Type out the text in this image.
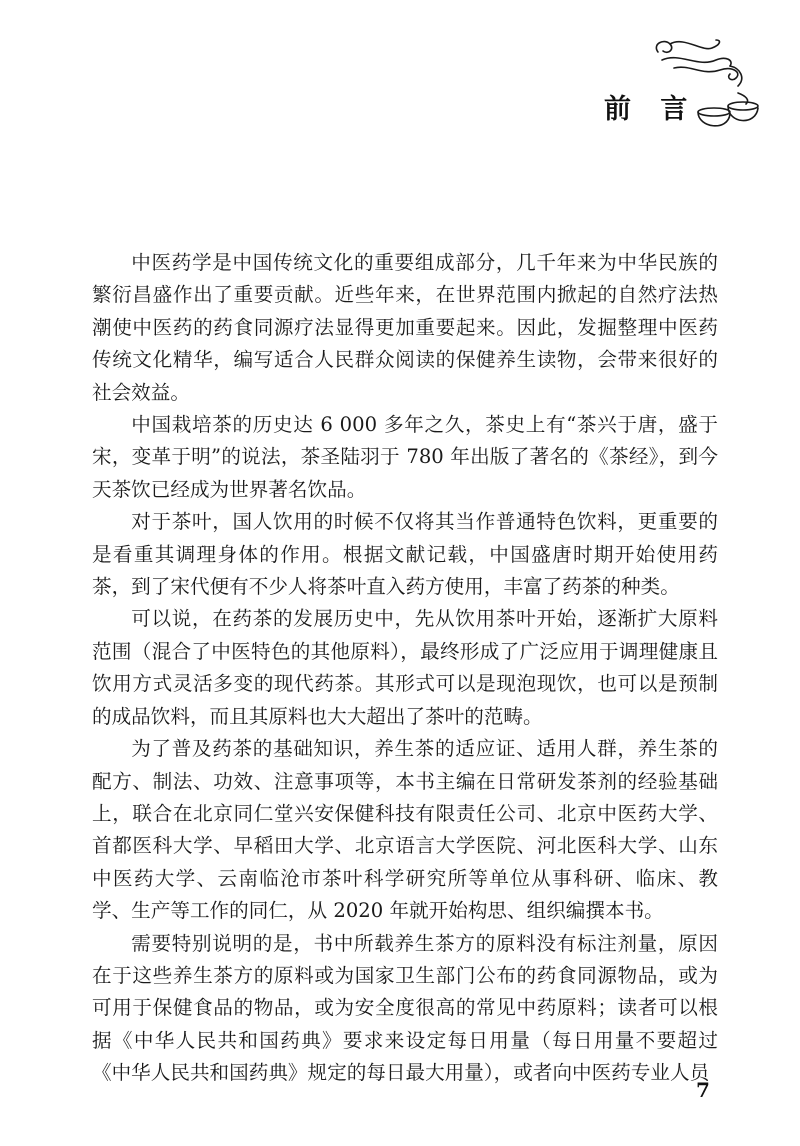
前 言

中医药学是中国传统文化的重要组成部分，几千年来为中华民族的繁衍昌盛作出了重要贡献。近些年来，在世界范围内掀起的自然疗法热潮使中医药的药食同源疗法显得更加重要起来。因此，发掘整理中医药传统文化精华，编写适合人民群众阅读的保健养生读物，会带来很好的社会效益。

中国栽培茶的历史达 6 000 多年之久，茶史上有“茶兴于唐，盛于宋，变革于明”的说法，茶圣陆羽于 780 年出版了著名的《茶经》，到今天茶饮已经成为世界著名饮品。

对于茶叶，国人饮用的时候不仅将其当作普通特色饮料，更重要的是看重其调理身体的作用。根据文献记载，中国盛唐时期开始使用药茶，到了宋代便有不少人将茶叶直入药方使用，丰富了药茶的种类。

可以说，在药茶的发展历史中，先从饮用茶叶开始，逐渐扩大原料范围（混合了中医特色的其他原料），最终形成了广泛应用于调理健康且饮用方式灵活多变的现代药茶。其形式可以是现泡现饮，也可以是预制的成品饮料，而且其原料也大大超出了茶叶的范畴。

为了普及药茶的基础知识，养生茶的适应证、适用人群，养生茶的配方、制法、功效、注意事项等，本书主编在日常研发茶剂的经验基础上，联合在北京同仁堂兴安保健科技有限责任公司、北京中医药大学、首都医科大学、早稻田大学、北京语言大学医院、河北医科大学、山东中医药大学、云南临沧市茶叶科学研究所等单位从事科研、临床、教学、生产等工作的同仁，从 2020 年就开始构思、组织编撰本书。

需要特别说明的是，书中所载养生茶方的原料没有标注剂量，原因在于这些养生茶方的原料或为国家卫生部门公布的药食同源物品，或为可用于保健食品的物品，或为安全度很高的常见中药原料；读者可以根据《中华人民共和国药典》要求来设定每日用量（每日用量不要超过《中华人民共和国药典》规定的每日最大用量），或者向中医药专业人员

7
